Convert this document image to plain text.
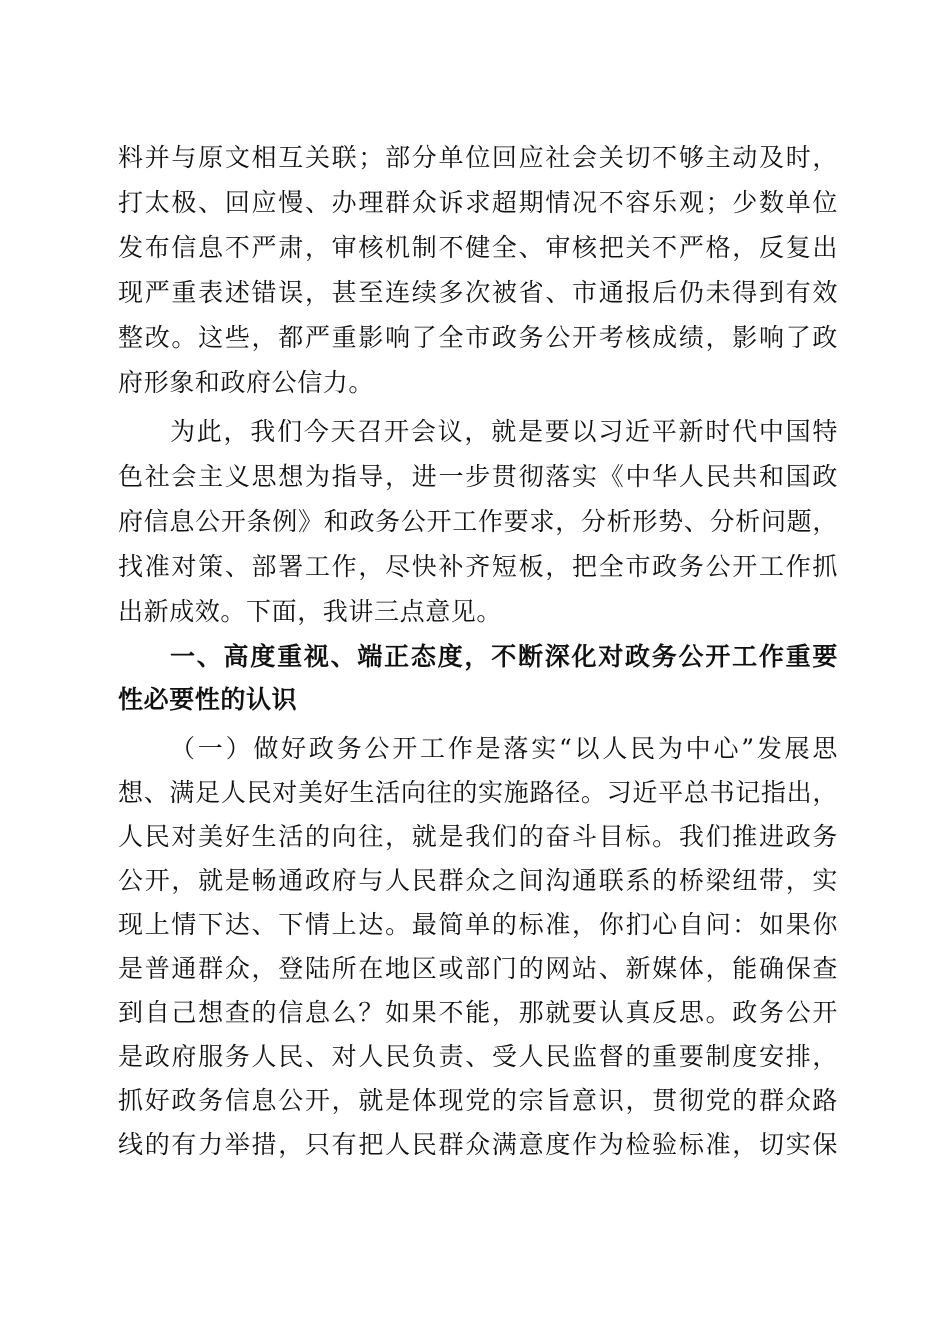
料并与原文相互关联；部分单位回应社会关切不够主动及时，
打太极、回应慢、办理群众诉求超期情况不容乐观；少数单位
发布信息不严肃，审核机制不健全、审核把关不严格，反复出
现严重表述错误，甚至连续多次被省、市通报后仍未得到有效
整改。这些，都严重影响了全市政务公开考核成绩，影响了政
府形象和政府公信力。
为此，我们今天召开会议，就是要以习近平新时代中国特
色社会主义思想为指导，进一步贯彻落实《中华人民共和国政
府信息公开条例》和政务公开工作要求，分析形势、分析问题，
找准对策、部署工作，尽快补齐短板，把全市政务公开工作抓
出新成效。下面，我讲三点意见。
一、高度重视、端正态度，不断深化对政务公开工作重要
性必要性的认识
（一）做好政务公开工作是落实“以人民为中心”发展思
想、满足人民对美好生活向往的实施路径。习近平总书记指出，
人民对美好生活的向往，就是我们的奋斗目标。我们推进政务
公开，就是畅通政府与人民群众之间沟通联系的桥梁纽带，实
现上情下达、下情上达。最简单的标准，你扪心自问：如果你
是普通群众，登陆所在地区或部门的网站、新媒体，能确保查
到自己想查的信息么？如果不能，那就要认真反思。政务公开
是政府服务人民、对人民负责、受人民监督的重要制度安排，
抓好政务信息公开，就是体现党的宗旨意识，贯彻党的群众路
线的有力举措，只有把人民群众满意度作为检验标准，切实保
